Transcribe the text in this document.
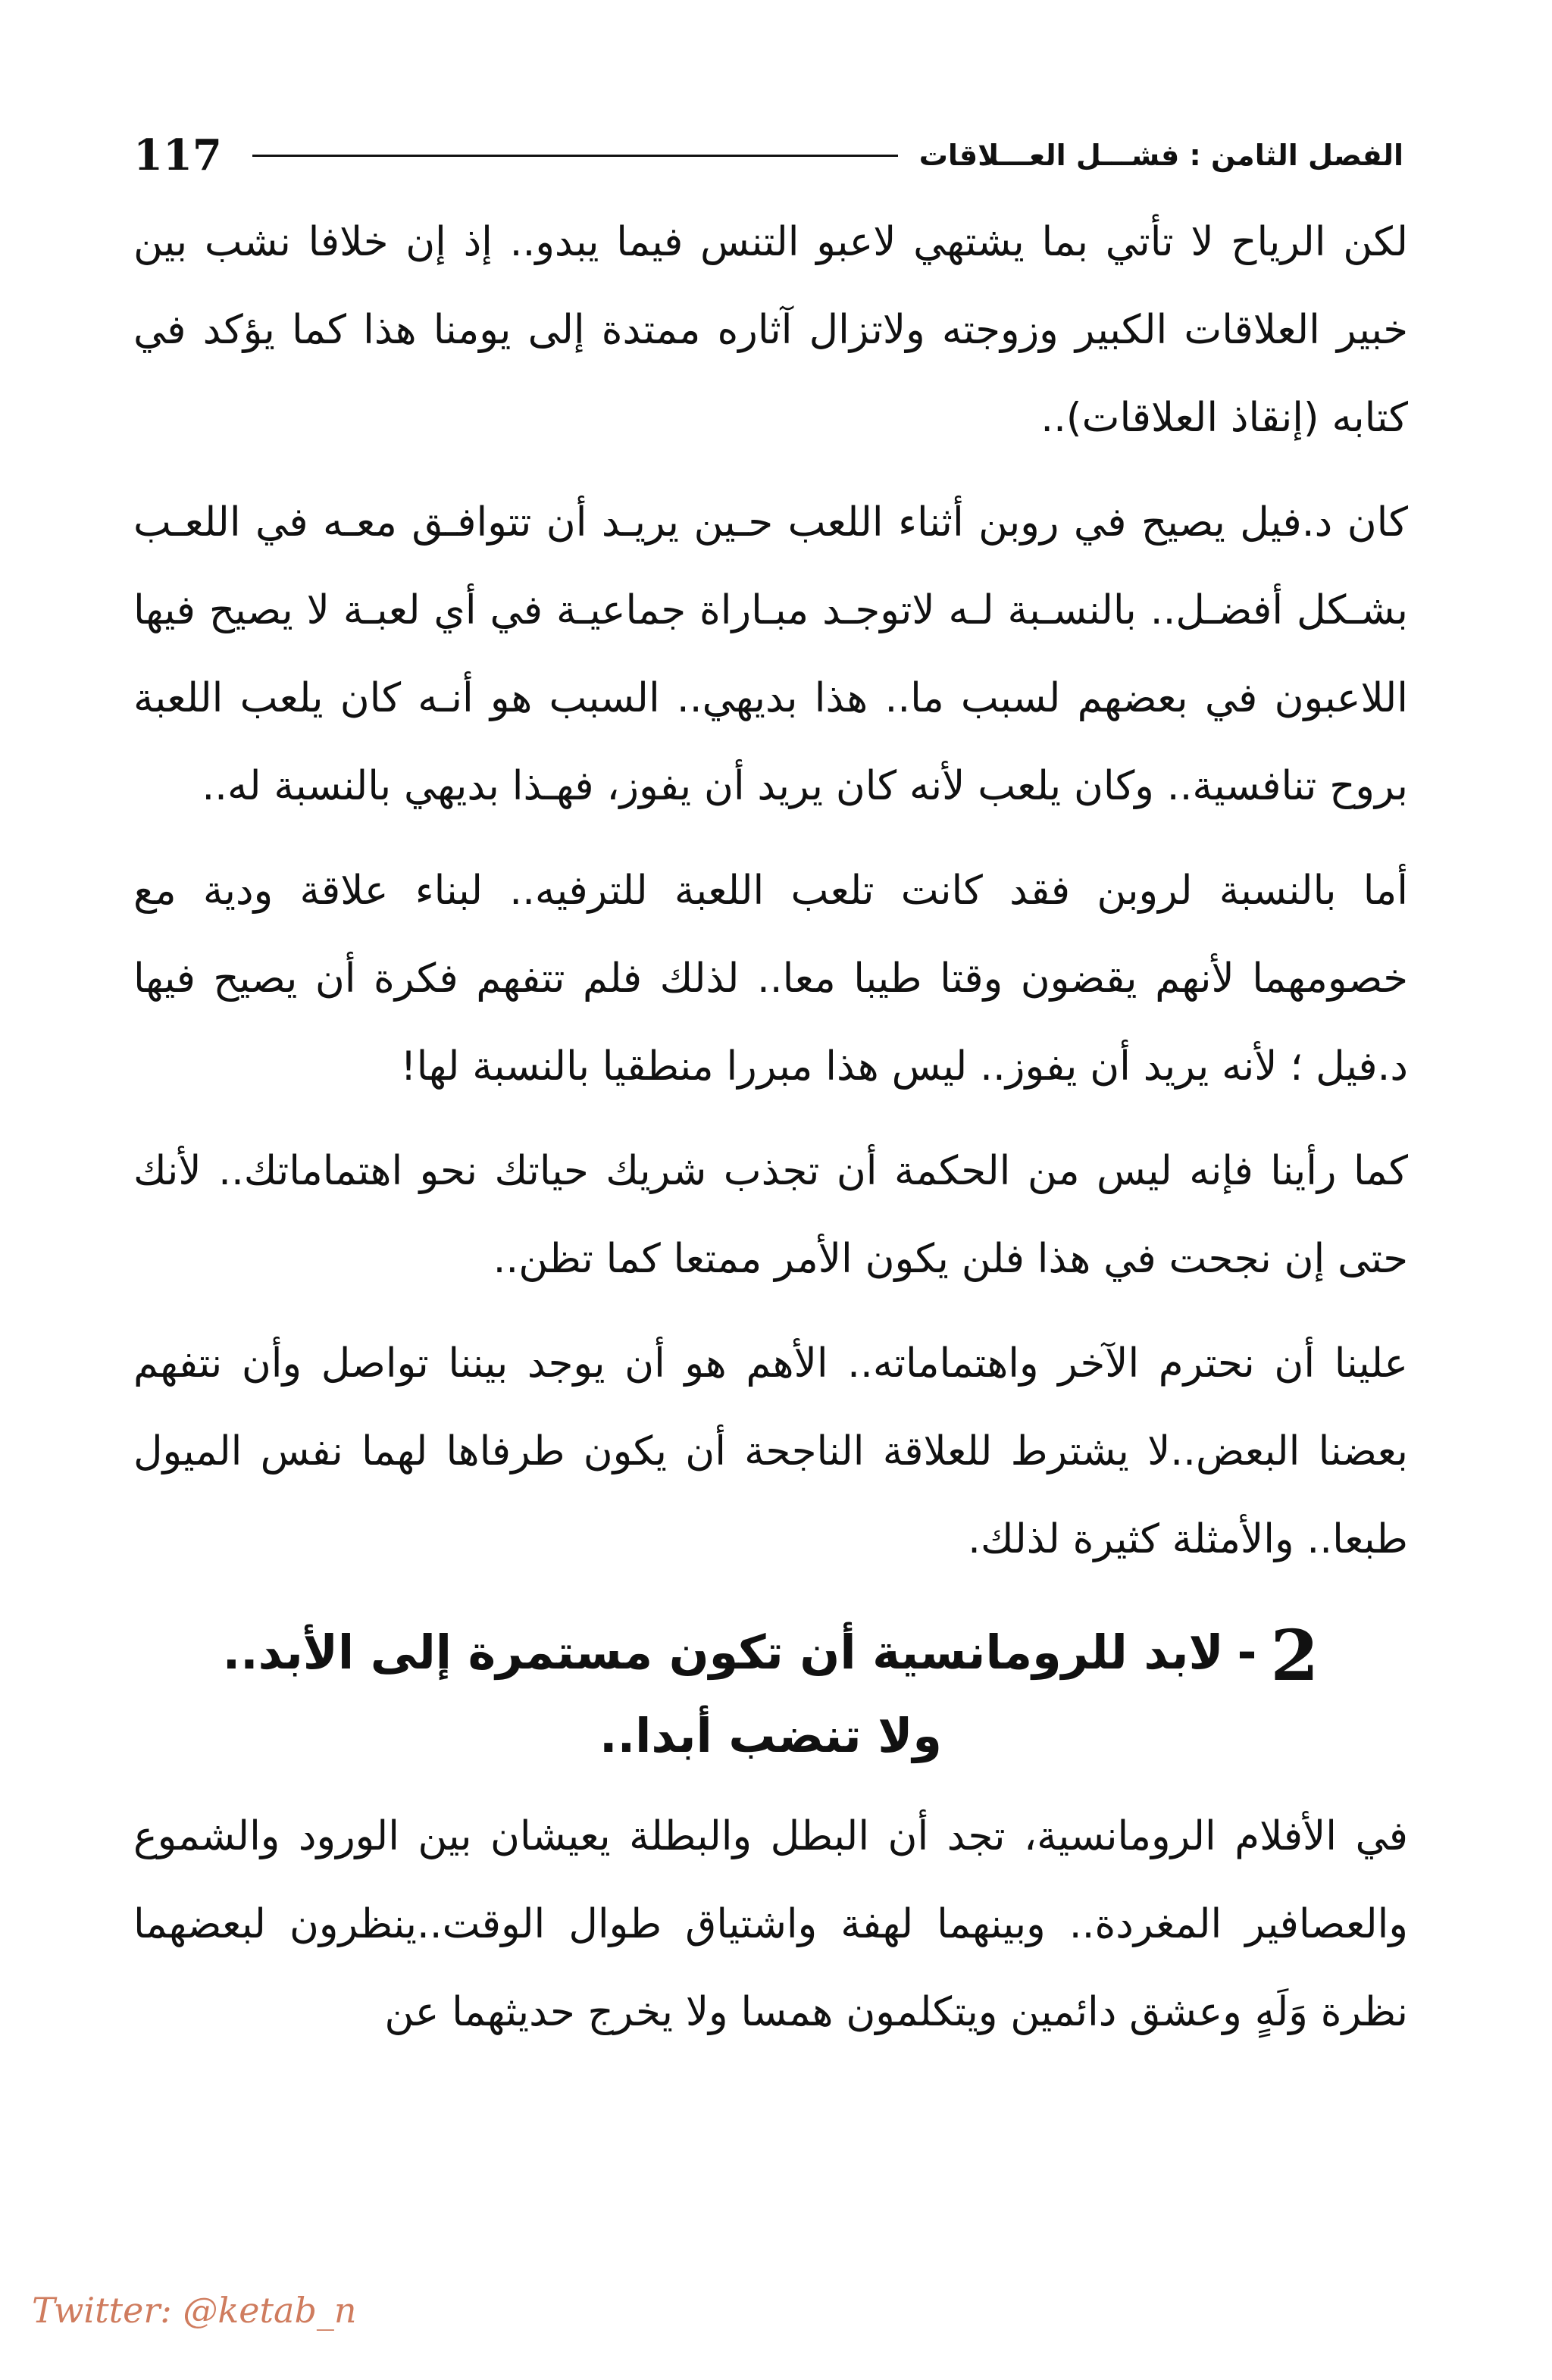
117	الفصل الثامن : فشـــل العـــلاقات

لكن الرياح لا تأتي بما يشتهي لاعبو التنس فيما يبدو.. إذ إن خلافا نشب بين خبير العلاقات الكبير وزوجته ولاتزال آثاره ممتدة إلى يومنا هذا كما يؤكد في كتابه (إنقاذ العلاقات)..

كان د.فيل يصيح في روبن أثناء اللعب حـين يريـد أن تتوافـق معـه في اللعـب بشـكل أفضـل.. بالنسـبة لـه لاتوجـد مبـاراة جماعيـة في أي لعبـة لا يصيح فيها اللاعبون في بعضهم لسبب ما.. هذا بديهي.. السبب هو أنـه كان يلعب اللعبة بروح تنافسية.. وكان يلعب لأنه كان يريد أن يفوز، فهـذا بديهي بالنسبة له..

أما بالنسبة لروبن فقد كانت تلعب اللعبة للترفيه.. لبناء علاقة ودية مع خصومهما لأنهم يقضون وقتا طيبا معا.. لذلك فلم تتفهم فكرة أن يصيح فيها د.فيل ؛ لأنه يريد أن يفوز.. ليس هذا مبررا منطقيا بالنسبة لها!

كما رأينا فإنه ليس من الحكمة أن تجذب شريك حياتك نحو اهتماماتك.. لأنك حتى إن نجحت في هذا فلن يكون الأمر ممتعا كما تظن..

علينا أن نحترم الآخر واهتماماته.. الأهم هو أن يوجد بيننا تواصل وأن نتفهم بعضنا البعض..لا يشترط للعلاقة الناجحة أن يكون طرفاها لهما نفس الميول طبعا.. والأمثلة كثيرة لذلك.

2-لابد للرومانسية أن تكون مستمرة إلى الأبد..
ولا تنضب أبدا..

في الأفلام الرومانسية، تجد أن البطل والبطلة يعيشان بين الورود والشموع والعصافير المغردة.. وبينهما لهفة واشتياق طوال الوقت..ينظرون لبعضهما نظرة وَلَهٍ وعشق دائمين ويتكلمون همسا ولا يخرج حديثهما عن

Twitter: @ketab_n
